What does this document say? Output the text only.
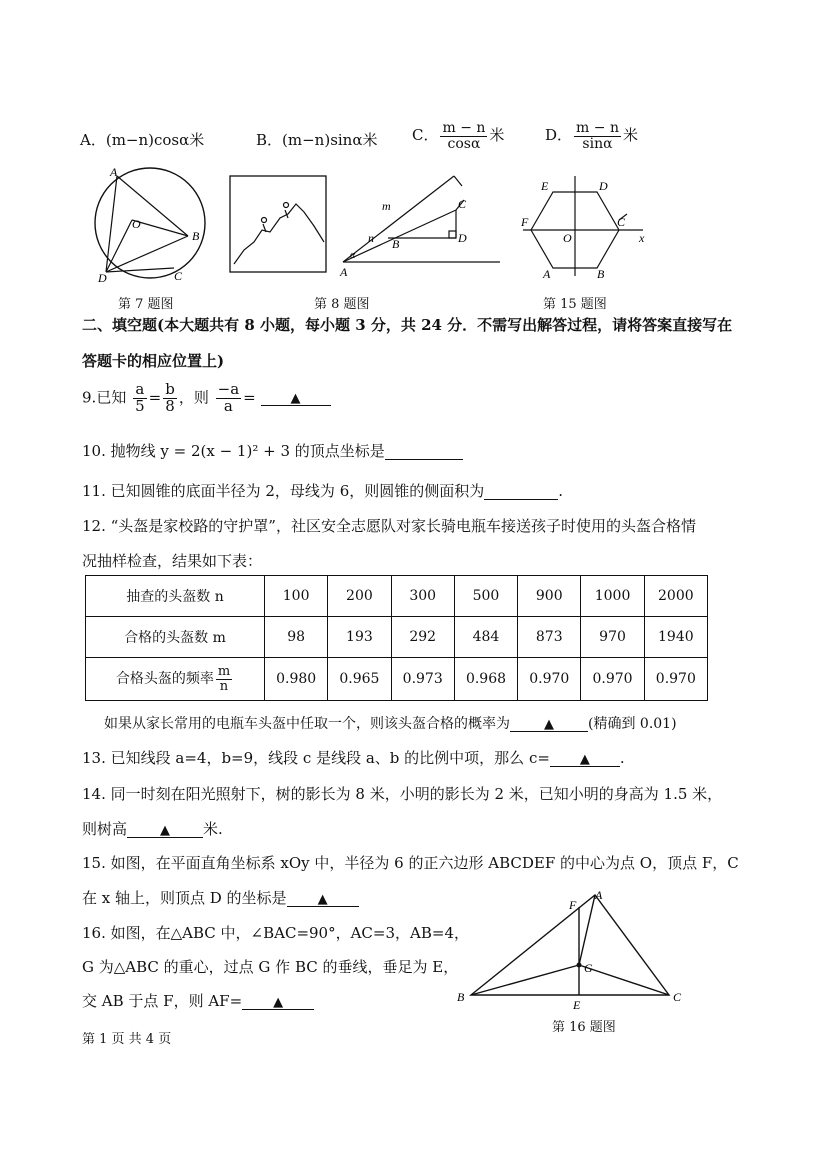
A．(m−n)cosα米	B．(m−n)sinα米 C． $\frac{m - n}{\cos\alpha}$ 米	D． $\frac{m - n}{\sin\alpha}$ 米
A
O
B
D	C
第 7 题图
m
n
C
B	D
A
α
第 8 题图
E	D
F	C
O
A	B
x
第 15 题图
二、填空题(本大题共有 8 小题，每小题 3 分，共 24 分．不需写出解答过程，请将答案直接写在
答题卡的相应位置上)
9.已知 $\frac{a}{5} = \frac{b}{8}$ ，则 $\frac{-a}{a}$ =	▲
10. 抛物线 y = 2(x − 1)² + 3 的顶点坐标是
11. 已知圆锥的底面半径为 2，母线为 6，则圆锥的侧面积为	.
12. “头盔是家校路的守护罩”，社区安全志愿队对家长骑电瓶车接送孩子时使用的头盔合格情
况抽样检查，结果如下表：
抽查的头盔数 n	100	200	300	500	900	1000	2000
合格的头盔数 m	98	193	292	484	873	970	1940
合格头盔的频率 $\frac{m}{n}$	0.980	0.965	0.973	0.968	0.970	0.970	0.970
如果从家长常用的电瓶车头盔中任取一个，则该头盔合格的概率为	▲ (精确到 0.01)
13. 已知线段 a=4，b=9，线段 c 是线段 a、b 的比例中项，那么 c= ▲ .
14. 同一时刻在阳光照射下，树的影长为 8 米，小明的影长为 2 米，已知小明的身高为 1.5 米，
则树高	▲ 米.
15. 如图，在平面直角坐标系 xOy 中，半径为 6 的正六边形 ABCDEF 的中心为点 O，顶点 F，C
在 x 轴上，则顶点 D 的坐标是 ▲
16. 如图，在△ABC 中，∠BAC=90°，AC=3，AB=4，
G 为△ABC 的重心，过点 G 作 BC 的垂线，垂足为 E，
交 AB 于点 F，则 AF= ▲
A
F
G
B
E
C
第 16 题图
第 1 页 共 4 页
